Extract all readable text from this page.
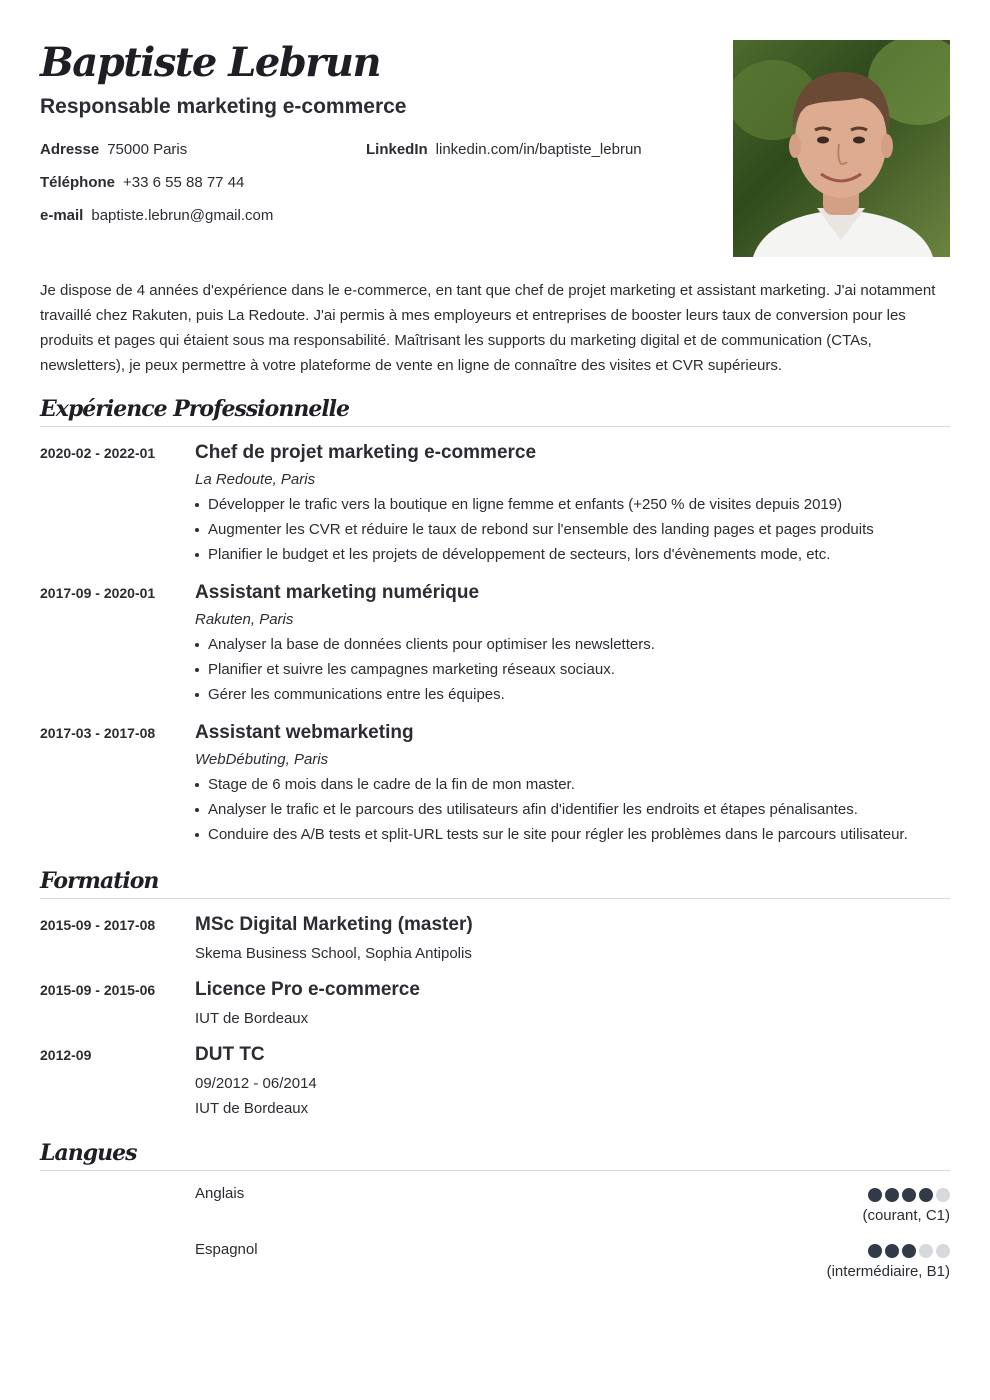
Baptiste Lebrun
Responsable marketing e-commerce
Adresse 75000 Paris	LinkedIn linkedin.com/in/baptiste_lebrun
Téléphone +33 6 55 88 77 44
e-mail baptiste.lebrun@gmail.com

Je dispose de 4 années d'expérience dans le e-commerce, en tant que chef de projet marketing et assistant marketing. J'ai notamment travaillé chez Rakuten, puis La Redoute. J'ai permis à mes employeurs et entreprises de booster leurs taux de conversion pour les produits et pages qui étaient sous ma responsabilité. Maîtrisant les supports du marketing digital et de communication (CTAs, newsletters), je peux permettre à votre plateforme de vente en ligne de connaître des visites et CVR supérieurs.

Expérience Professionnelle
2020-02 - 2022-01 Chef de projet marketing e-commerce
La Redoute, Paris
Développer le trafic vers la boutique en ligne femme et enfants (+250 % de visites depuis 2019)
Augmenter les CVR et réduire le taux de rebond sur l'ensemble des landing pages et pages produits
Planifier le budget et les projets de développement de secteurs, lors d'évènements mode, etc.
2017-09 - 2020-01 Assistant marketing numérique
Rakuten, Paris
Analyser la base de données clients pour optimiser les newsletters.
Planifier et suivre les campagnes marketing réseaux sociaux.
Gérer les communications entre les équipes.
2017-03 - 2017-08 Assistant webmarketing
WebDébuting, Paris
Stage de 6 mois dans le cadre de la fin de mon master.
Analyser le trafic et le parcours des utilisateurs afin d'identifier les endroits et étapes pénalisantes.
Conduire des A/B tests et split-URL tests sur le site pour régler les problèmes dans le parcours utilisateur.
Formation
2015-09 - 2017-08 MSc Digital Marketing (master)
Skema Business School, Sophia Antipolis
2015-09 - 2015-06 Licence Pro e-commerce
IUT de Bordeaux
2012-09	DUT TC
09/2012 - 06/2014
IUT de Bordeaux
Langues
Anglais
(courant, C1)
Espagnol
(intermédiaire, B1)
